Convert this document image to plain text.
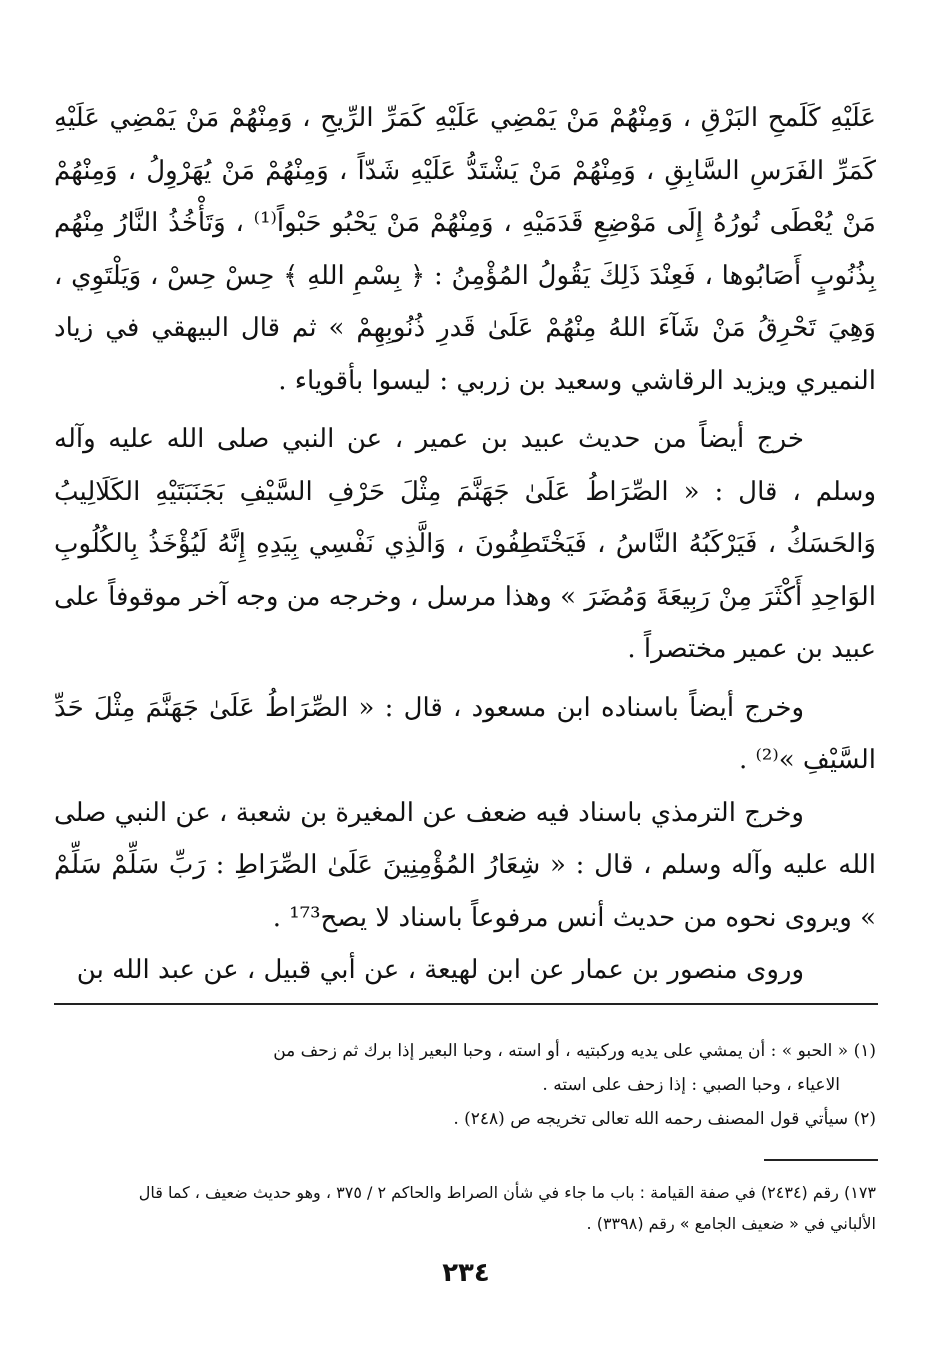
عَلَيْهِ كَلَمحِ البَرْقِ ، وَمِنْهُمْ مَنْ يَمْضِي عَلَيْهِ كَمَرِّ الرِّيحِ ، وَمِنْهُمْ مَنْ يَمْضِي عَلَيْهِ كَمَرِّ الفَرَسِ السَّابِقِ ، وَمِنْهُمْ مَنْ يَشْتَدُّ عَلَيْهِ شَدّاً ، وَمِنْهُمْ مَنْ يُهَرْوِلُ ، وَمِنْهُمْ مَنْ يُعْطَى نُورُهُ إِلَى مَوْضِعِ قَدَمَيْهِ ، وَمِنْهُمْ مَنْ يَحْبُو حَبْواً⁽¹⁾ ، وَتَأْخُذُ النَّارُ مِنْهُم بِذُنُوبٍ أَصَابُوها ، فَعِنْدَ ذَلِكَ يَقُولُ المُؤْمِنُ : ﴿ بِسْمِ اللهِ ﴾ حِسْ حِسْ ، وَيَلْتَوِي ، وَهِيَ تَحْرِقُ مَنْ شَآءَ اللهُ مِنْهُمْ عَلَىٰ قَدرِ ذُنُوبِهِمْ » ثم قال البيهقي في زياد النميري ويزيد الرقاشي وسعيد بن زربي : ليسوا بأقوياء .

خرج أيضاً من حديث عبيد بن عمير ، عن النبي صلى الله عليه وآله وسلم ، قال : « الصِّرَاطُ عَلَىٰ جَهَنَّمَ مِثْلَ حَرْفِ السَّيْفِ بَجَنَبَتَيْهِ الكَلَالِيبُ وَالحَسَكُ ، فَيَرْكَبُهُ النَّاسُ ، فَيَخْتَطِفُونَ ، وَالَّذِي نَفْسِي بِيَدِهِ إِنَّهُ لَيُؤْخَذُ بِالكُلُوبِ الوَاحِدِ أَكْثَرَ مِنْ رَبِيعَةَ وَمُضَرَ » وهذا مرسل ، وخرجه من وجه آخر موقوفاً على عبيد بن عمير مختصراً .

وخرج أيضاً باسناده ابن مسعود ، قال : « الصِّرَاطُ عَلَىٰ جَهَنَّمَ مِثْلَ حَدِّ السَّيْفِ »⁽²⁾ .

وخرج الترمذي باسناد فيه ضعف عن المغيرة بن شعبة ، عن النبي صلى الله عليه وآله وسلم ، قال : « شِعَارُ المُؤْمِنِينَ عَلَىٰ الصِّرَاطِ : رَبِّ سَلِّمْ سَلِّمْ » ويروى نحوه من حديث أنس مرفوعاً باسناد لا يصح¹⁷³ .

وروى منصور بن عمار عن ابن لهيعة ، عن أبي قبيل ، عن عبد الله بن

(١) « الحبو » : أن يمشي على يديه وركبتيه ، أو استه ، وحبا البعير إذا برك ثم زحف من

الاعياء ، وحبا الصبي : إذا زحف على استه .

(٢) سيأتي قول المصنف رحمه الله تعالى تخريجه ص (٢٤٨) .

١٧٣) رقم (٢٤٣٤) في صفة القيامة : باب ما جاء في شأن الصراط والحاكم ٢ / ٣٧٥ ، وهو حديث ضعيف ، كما قال

الألباني في « ضعيف الجامع » رقم (٣٣٩٨) .

٢٣٤
